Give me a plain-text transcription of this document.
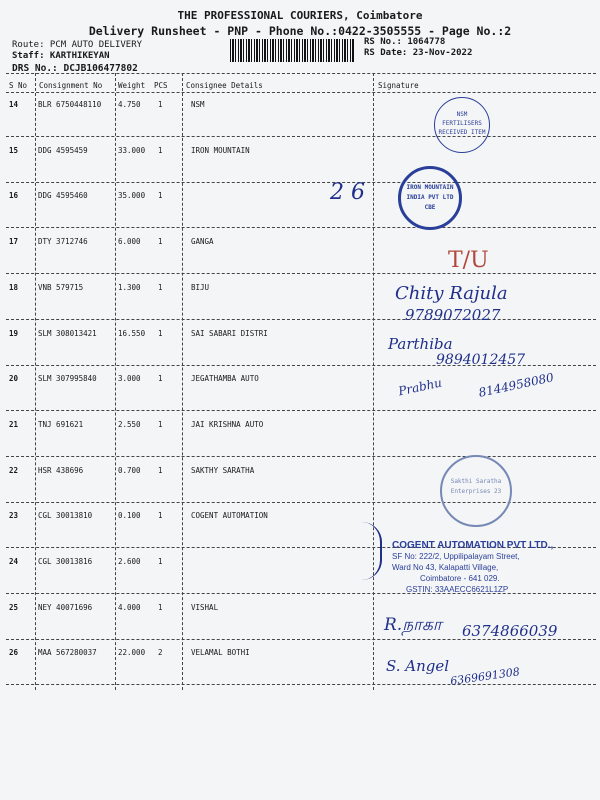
THE PROFESSIONAL COURIERS, Coimbatore
Delivery Runsheet - PNP - Phone No.:0422-3505555 - Page No.:2
Route: PCM AUTO DELIVERY
Staff: KARTHIKEYAN
DRS No.: DCJB106477802
RS No.: 1064778
RS Date: 23-Nov-2022
S No Consignment No Weight PCS Consignee Details	Signature
14	BLR 6750448110 4.750 1	NSM
15	DDG 4595459	33.000 1	IRON MOUNTAIN
16	DDG 4595460	35.000 1
17	DTY 3712746	6.000 1	GANGA
18	VNB 579715	1.300 1	BIJU
19	SLM 308013421	16.550 1	SAI SABARI DISTRI
20	SLM 307995840	3.000 1	JEGATHAMBA AUTO
21	TNJ 691621	2.550 1	JAI KRISHNA AUTO
22	HSR 438696	0.700 1	SAKTHY SARATHA
23	CGL 30013810	0.100 1	COGENT AUTOMATION
24	CGL 30013816	2.600 1
25	NEY 40071696	4.000 1	VISHAL
26	MAA 567280037	22.000 2	VELAMAL BOTHI
NSM FERTILISERS RECEIVED ITEM
IRON MOUNTAIN INDIA PVT LTD CBE
Sakthi Saratha Enterprises 23
2 6
T/U
Chity Rajula
9789072027
Parthiba
9894012457
Prabhu	8144958080
R.நாகா 6374866039
S. Angel 6369691308
COGENT AUTOMATION PVT LTD.,
SF No: 222/2, Uppilipalayam Street,
Ward No 43, Kalapatti Village,
Coimbatore - 641 029.
GSTIN: 33AAECC6621L1ZP
